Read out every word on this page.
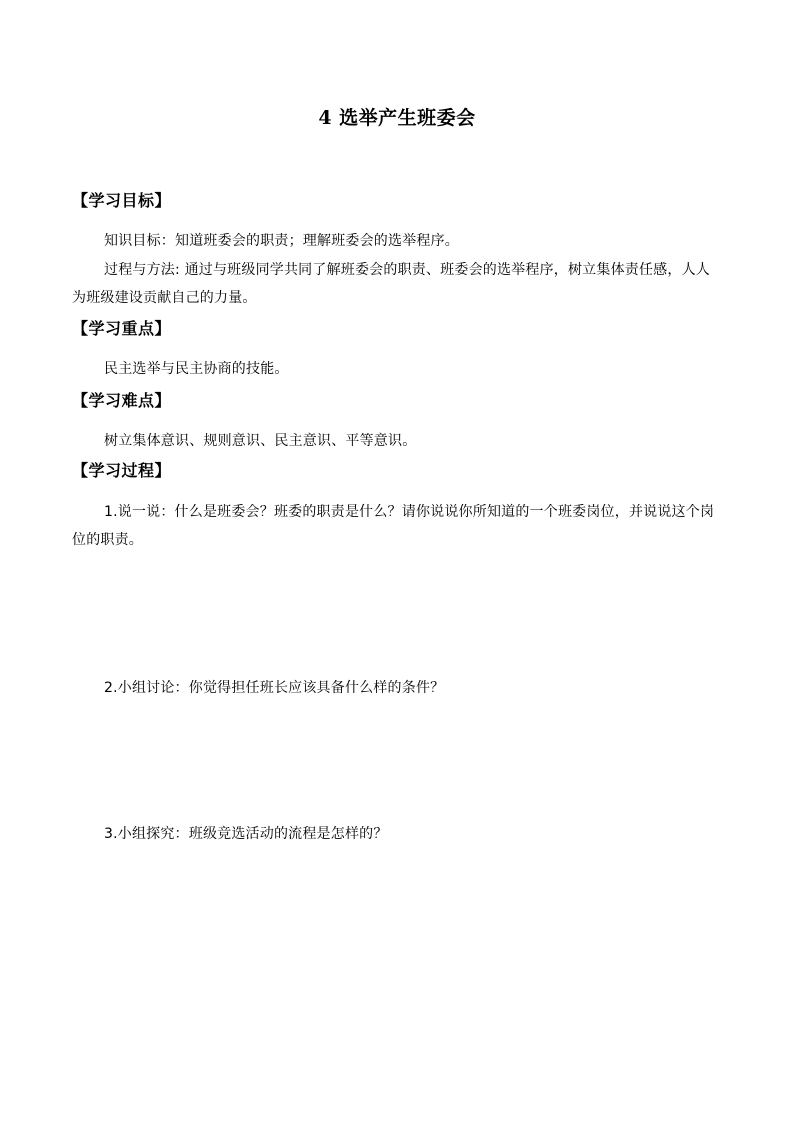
4 选举产生班委会
【学习目标】
知识目标：知道班委会的职责；理解班委会的选举程序。
过程与方法: 通过与班级同学共同了解班委会的职责、班委会的选举程序，树立集体责任感，人人为班级建设贡献自己的力量。
【学习重点】
民主选举与民主协商的技能。
【学习难点】
树立集体意识、规则意识、民主意识、平等意识。
【学习过程】
1.说一说：什么是班委会？班委的职责是什么？请你说说你所知道的一个班委岗位，并说说这个岗位的职责。
2.小组讨论：你觉得担任班长应该具备什么样的条件？
3.小组探究：班级竞选活动的流程是怎样的？
